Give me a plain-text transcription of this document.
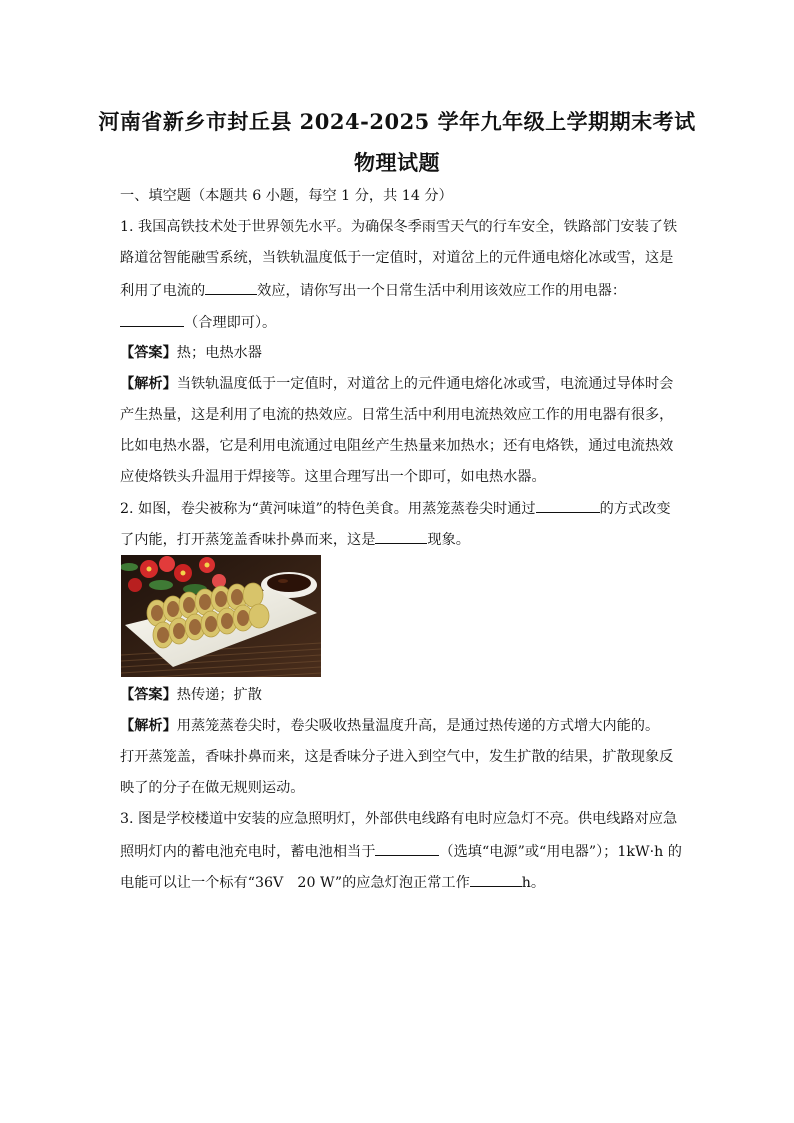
河南省新乡市封丘县 2024-2025 学年九年级上学期期末考试
物理试题
一、填空题（本题共 6 小题，每空 1 分，共 14 分）
1. 我国高铁技术处于世界领先水平。为确保冬季雨雪天气的行车安全，铁路部门安装了铁
路道岔智能融雪系统，当铁轨温度低于一定值时，对道岔上的元件通电熔化冰或雪，这是
利用了电流的	效应，请你写出一个日常生活中利用该效应工作的用电器：
（合理即可）。
【答案】热；电热水器
【解析】当铁轨温度低于一定值时，对道岔上的元件通电熔化冰或雪，电流通过导体时会
产生热量，这是利用了电流的热效应。日常生活中利用电流热效应工作的用电器有很多，
比如电热水器，它是利用电流通过电阻丝产生热量来加热水；还有电烙铁，通过电流热效
应使烙铁头升温用于焊接等。这里合理写出一个即可，如电热水器。
2. 如图，卷尖被称为“黄河味道”的特色美食。用蒸笼蒸卷尖时通过	的方式改变
了内能，打开蒸笼盖香味扑鼻而来，这是	现象。
【答案】热传递；扩散
【解析】用蒸笼蒸卷尖时，卷尖吸收热量温度升高，是通过热传递的方式增大内能的。
打开蒸笼盖，香味扑鼻而来，这是香味分子进入到空气中，发生扩散的结果，扩散现象反
映了的分子在做无规则运动。
3. 图是学校楼道中安装的应急照明灯，外部供电线路有电时应急灯不亮。供电线路对应急
照明灯内的蓄电池充电时，蓄电池相当于	（选填“电源”或“用电器”）；1kW·h 的
电能可以让一个标有“36V　20 W”的应急灯泡正常工作	h。
